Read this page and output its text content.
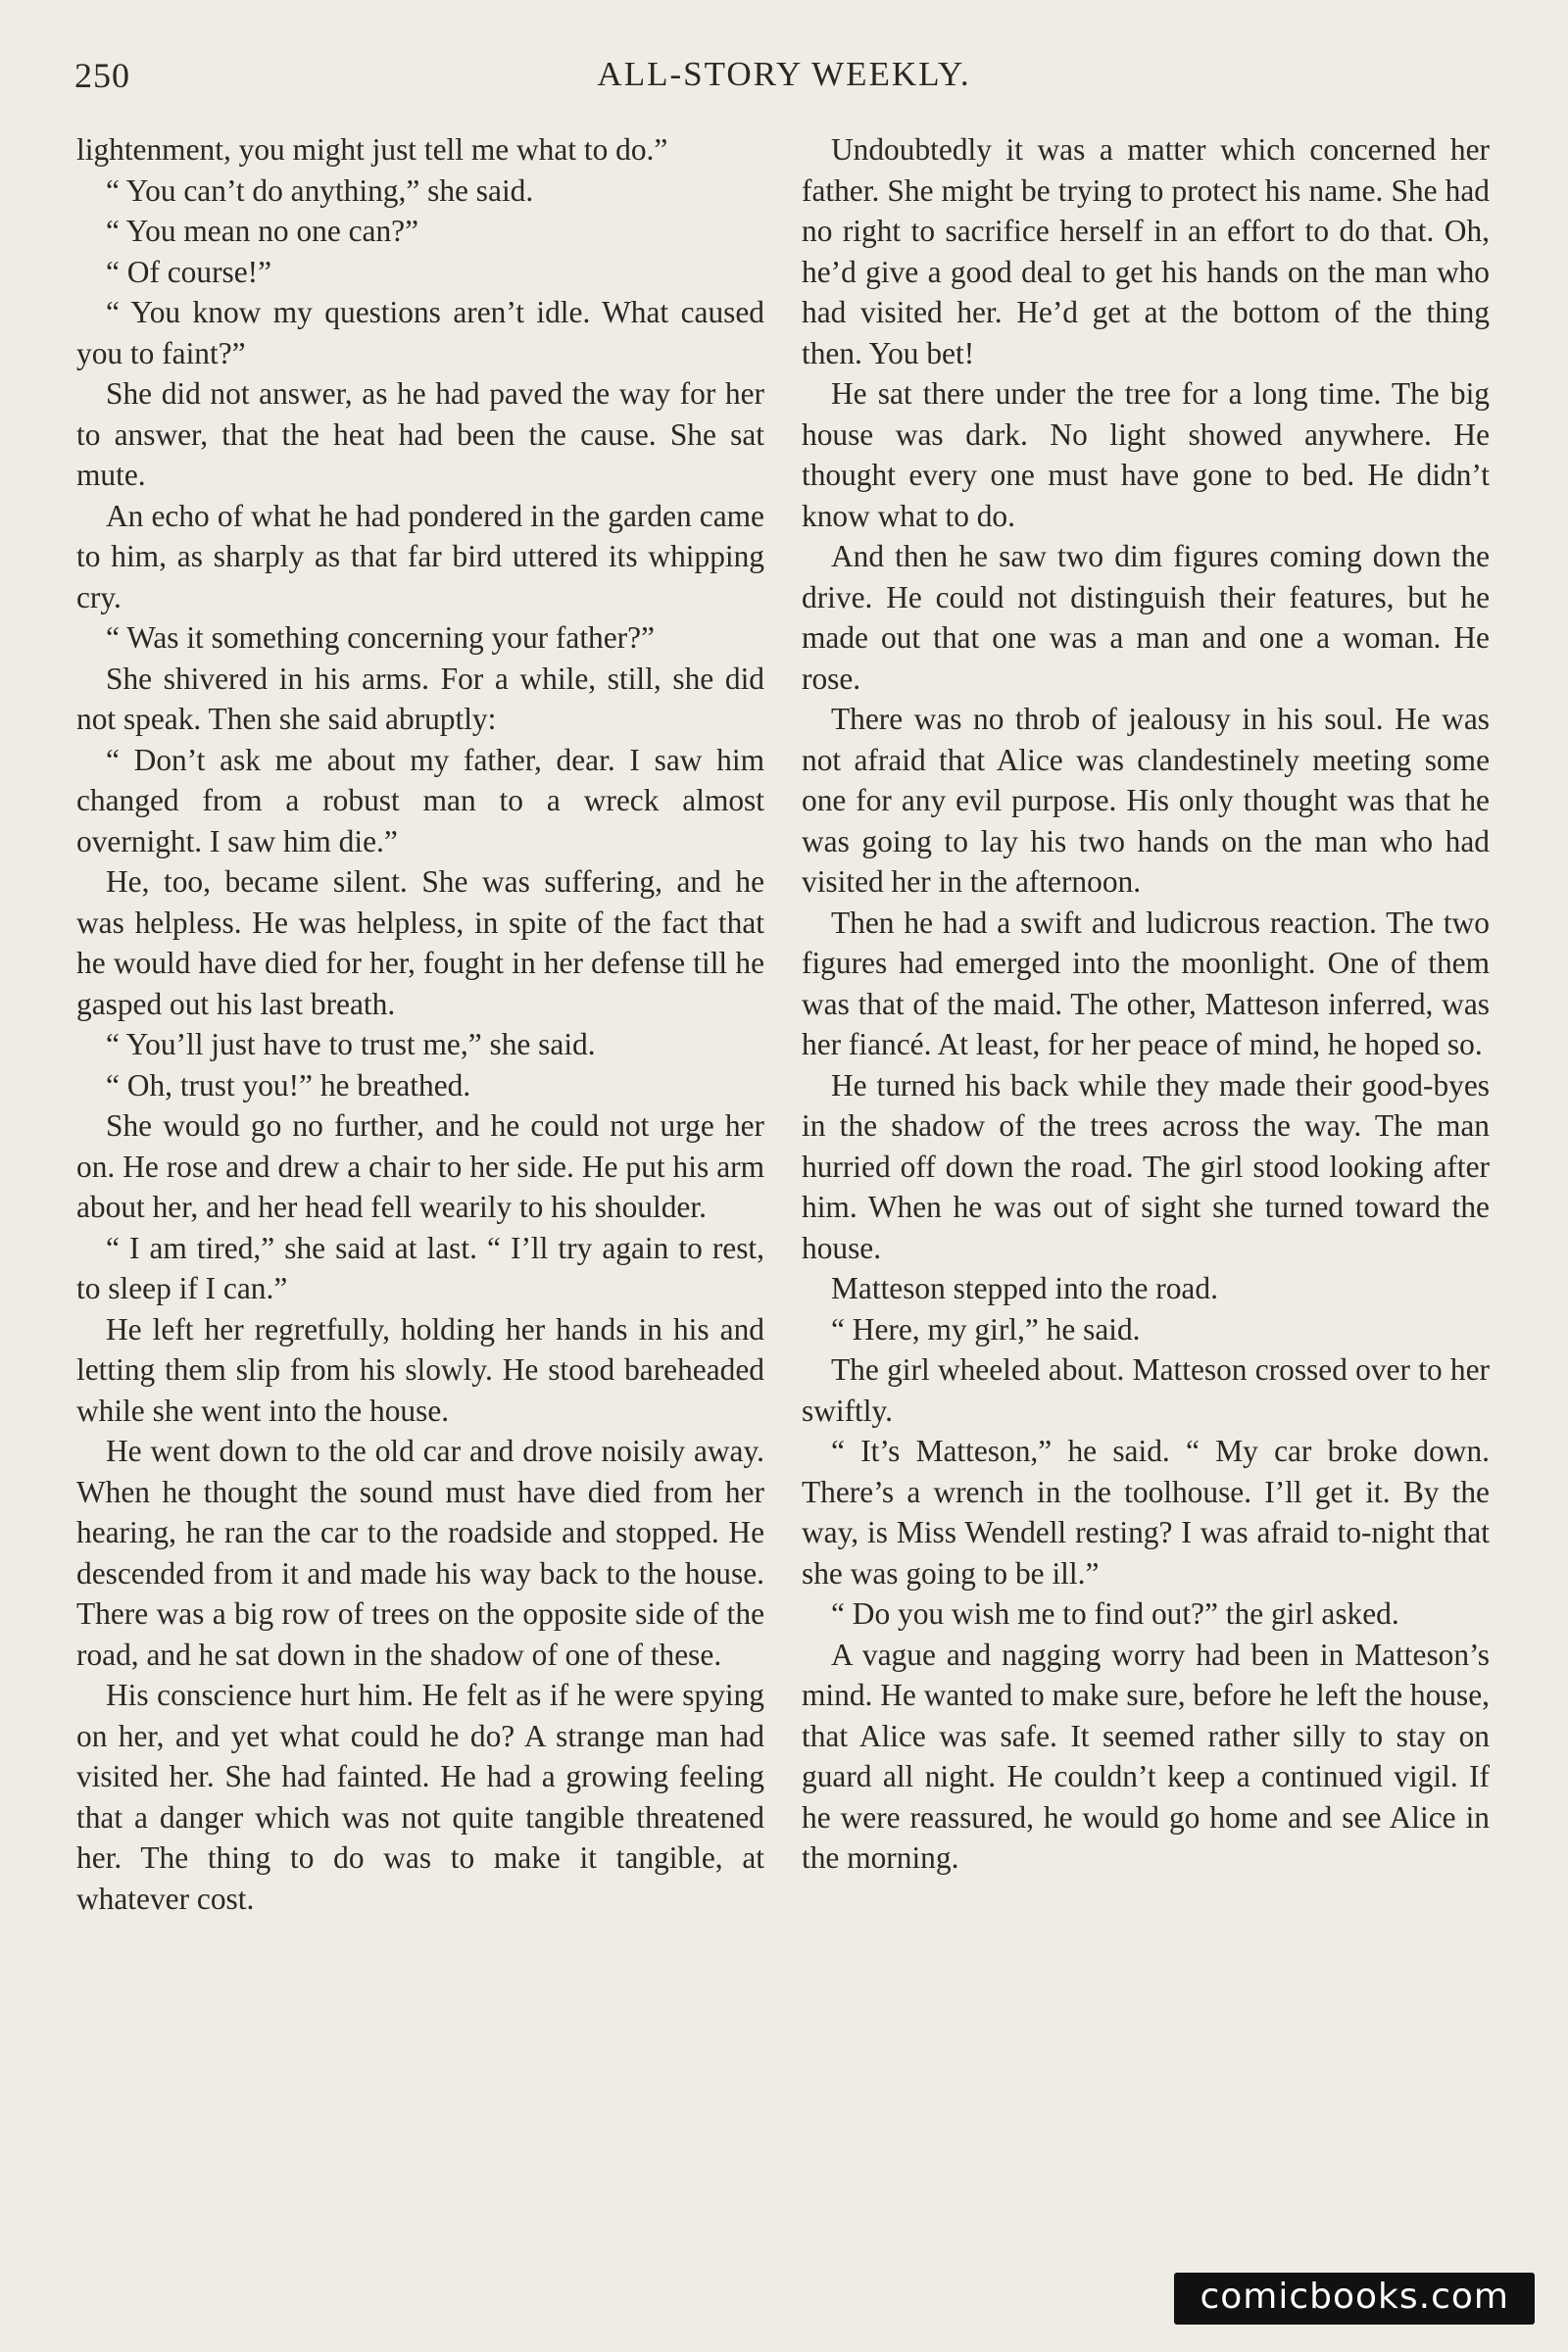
250	ALL-STORY WEEKLY.

lightenment, you might just tell me what to do.”

“ You can’t do anything,” she said.

“ You mean no one can?”

“ Of course!”

“ You know my questions aren’t idle. What caused you to faint?”

She did not answer, as he had paved the way for her to answer, that the heat had been the cause. She sat mute.

An echo of what he had pondered in the garden came to him, as sharply as that far bird uttered its whipping cry.

“ Was it something concerning your father?”

She shivered in his arms. For a while, still, she did not speak. Then she said abruptly:

“ Don’t ask me about my father, dear. I saw him changed from a robust man to a wreck almost overnight. I saw him die.”

He, too, became silent. She was suffering, and he was helpless. He was helpless, in spite of the fact that he would have died for her, fought in her defense till he gasped out his last breath.

“ You’ll just have to trust me,” she said.

“ Oh, trust you!” he breathed.

She would go no further, and he could not urge her on. He rose and drew a chair to her side. He put his arm about her, and her head fell wearily to his shoulder.

“ I am tired,” she said at last. “ I’ll try again to rest, to sleep if I can.”

He left her regretfully, holding her hands in his and letting them slip from his slowly. He stood bareheaded while she went into the house.

He went down to the old car and drove noisily away. When he thought the sound must have died from her hearing, he ran the car to the roadside and stopped. He descended from it and made his way back to the house. There was a big row of trees on the opposite side of the road, and he sat down in the shadow of one of these.

His conscience hurt him. He felt as if he were spying on her, and yet what could he do? A strange man had visited her. She had fainted. He had a growing feeling that a danger which was not quite tangible threatened her. The thing to do was to make it tangible, at whatever cost.

Undoubtedly it was a matter which concerned her father. She might be trying to protect his name. She had no right to sacrifice herself in an effort to do that. Oh, he’d give a good deal to get his hands on the man who had visited her. He’d get at the bottom of the thing then. You bet!

He sat there under the tree for a long time. The big house was dark. No light showed anywhere. He thought every one must have gone to bed. He didn’t know what to do.

And then he saw two dim figures coming down the drive. He could not distinguish their features, but he made out that one was a man and one a woman. He rose.

There was no throb of jealousy in his soul. He was not afraid that Alice was clandestinely meeting some one for any evil purpose. His only thought was that he was going to lay his two hands on the man who had visited her in the afternoon.

Then he had a swift and ludicrous reaction. The two figures had emerged into the moonlight. One of them was that of the maid. The other, Matteson inferred, was her fiancé. At least, for her peace of mind, he hoped so.

He turned his back while they made their good-byes in the shadow of the trees across the way. The man hurried off down the road. The girl stood looking after him. When he was out of sight she turned toward the house.

Matteson stepped into the road.

“ Here, my girl,” he said.

The girl wheeled about. Matteson crossed over to her swiftly.

“ It’s Matteson,” he said. “ My car broke down. There’s a wrench in the toolhouse. I’ll get it. By the way, is Miss Wendell resting? I was afraid to-night that she was going to be ill.”

“ Do you wish me to find out?” the girl asked.

A vague and nagging worry had been in Matteson’s mind. He wanted to make sure, before he left the house, that Alice was safe. It seemed rather silly to stay on guard all night. He couldn’t keep a continued vigil. If he were reassured, he would go home and see Alice in the morning.

comicbooks.com
